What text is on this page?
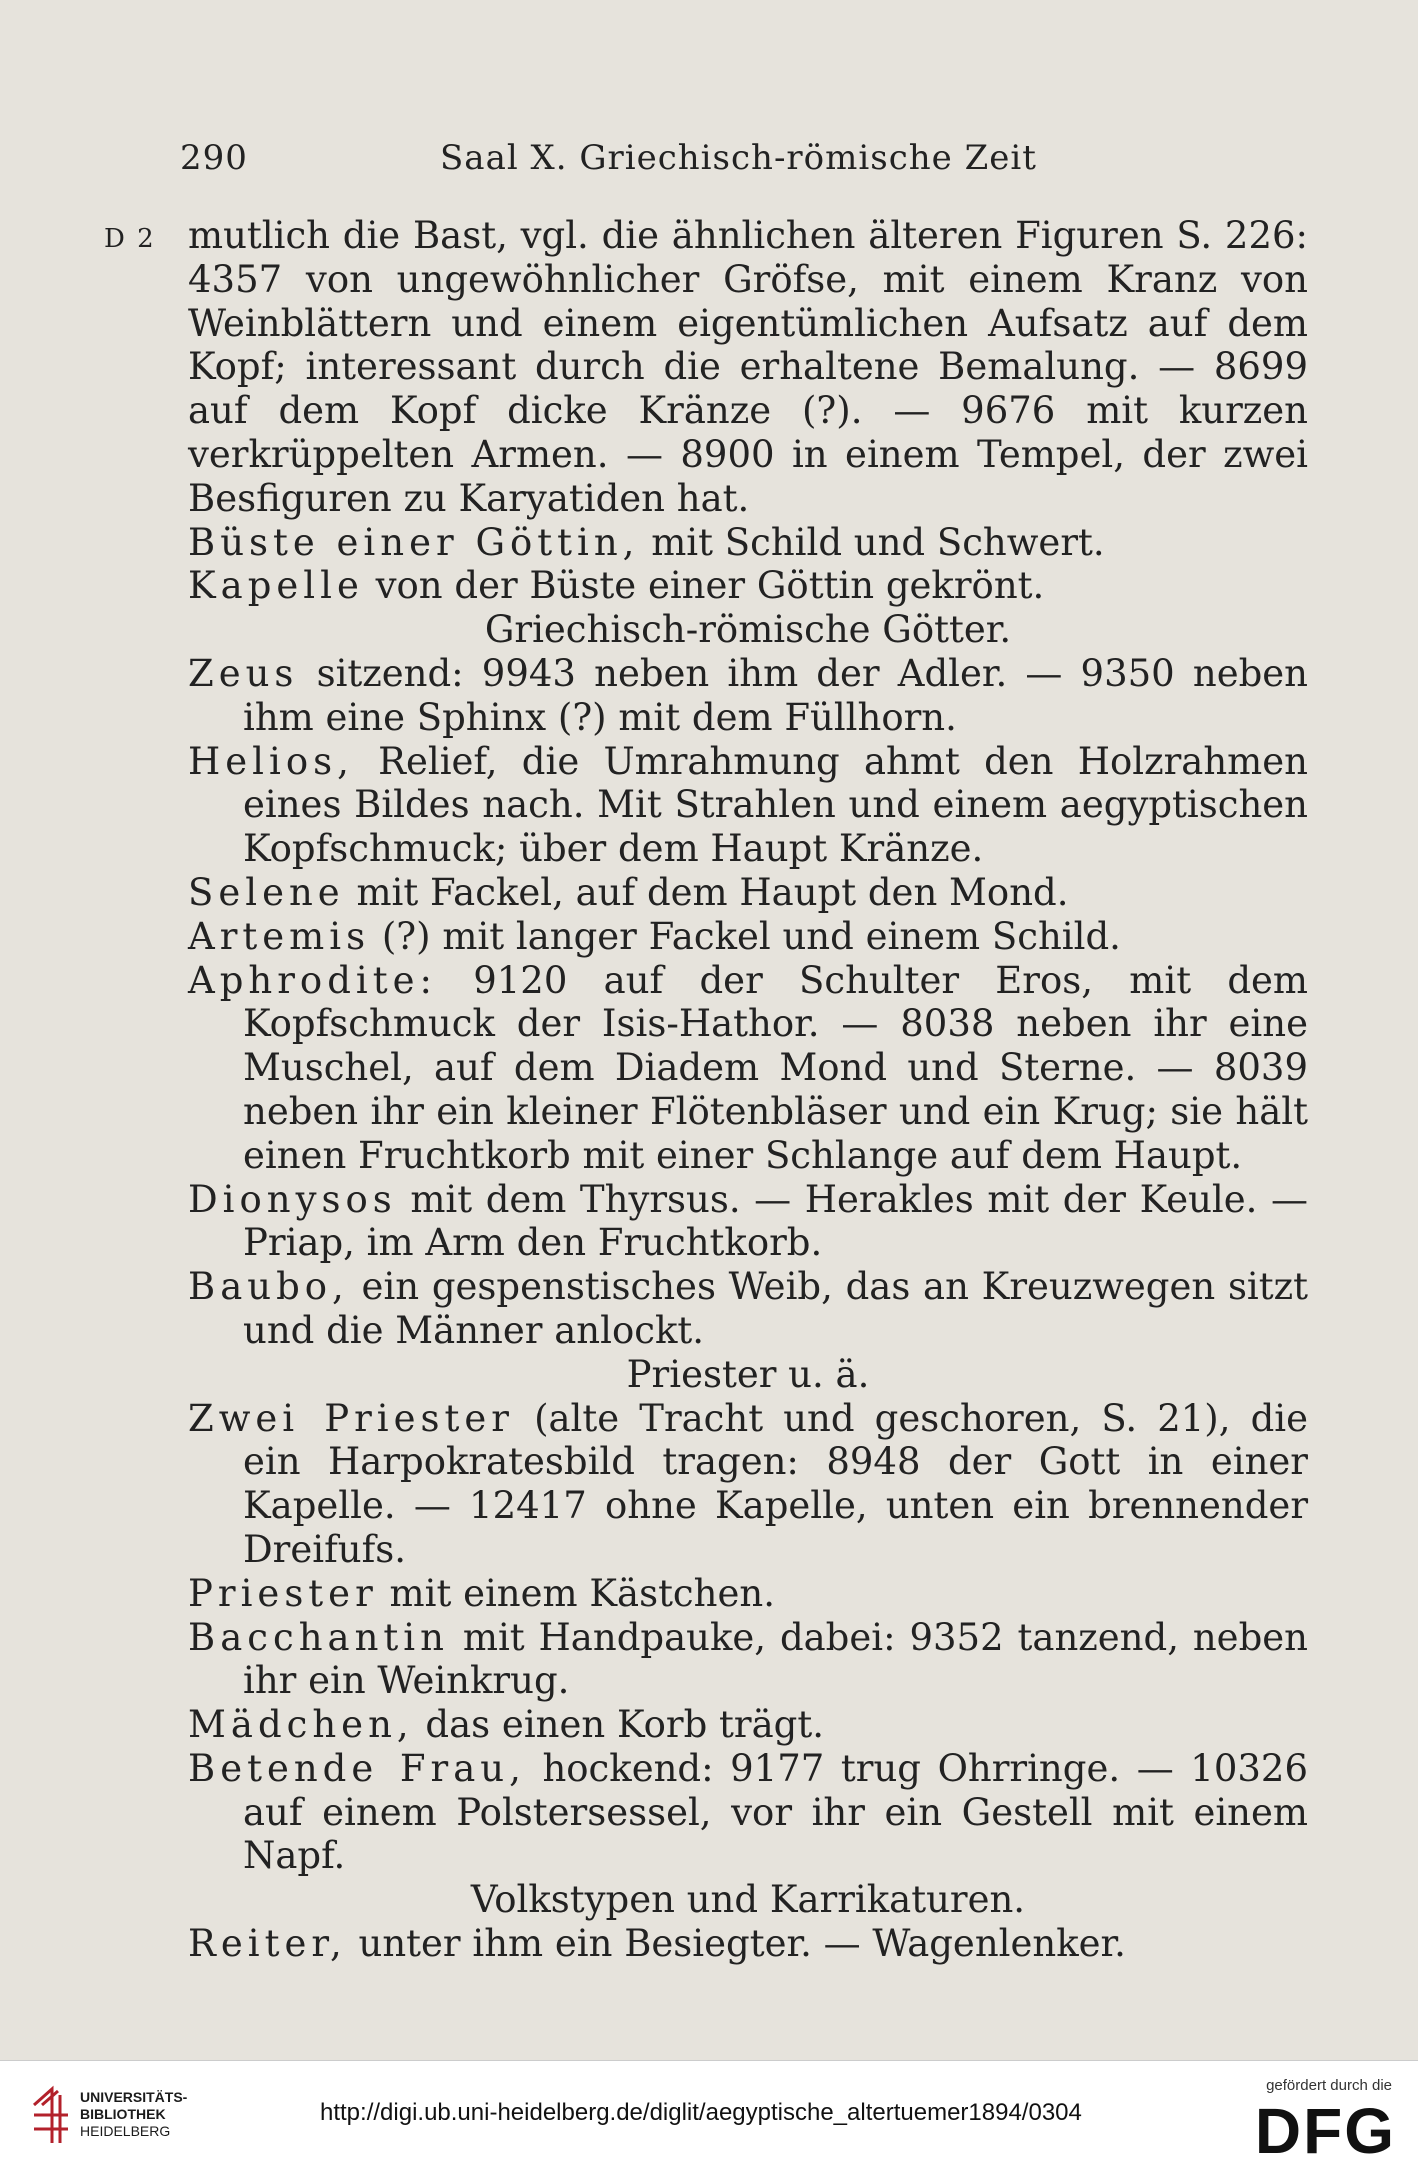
290	Saal X. Griechisch-römische Zeit
D 2 mutlich die Bast, vgl. die ähnlichen älteren Figuren S. 226: 4357 von ungewöhnlicher Gröfse, mit einem Kranz von Weinblättern und einem eigentümlichen Aufsatz auf dem Kopf; interessant durch die erhaltene Bemalung. — 8699 auf dem Kopf dicke Kränze (?). — 9676 mit kurzen verkrüppelten Armen. — 8900 in einem Tempel, der zwei Besfiguren zu Karyatiden hat.
Büste einer Göttin, mit Schild und Schwert.
Kapelle von der Büste einer Göttin gekrönt.
Griechisch-römische Götter.
Zeus sitzend: 9943 neben ihm der Adler. — 9350 neben ihm eine Sphinx (?) mit dem Füllhorn.
Helios, Relief, die Umrahmung ahmt den Holzrahmen eines Bildes nach. Mit Strahlen und einem aegyptischen Kopfschmuck; über dem Haupt Kränze.
Selene mit Fackel, auf dem Haupt den Mond.
Artemis (?) mit langer Fackel und einem Schild.
Aphrodite: 9120 auf der Schulter Eros, mit dem Kopfschmuck der Isis-Hathor. — 8038 neben ihr eine Muschel, auf dem Diadem Mond und Sterne. — 8039 neben ihr ein kleiner Flötenbläser und ein Krug; sie hält einen Fruchtkorb mit einer Schlange auf dem Haupt.
Dionysos mit dem Thyrsus. — Herakles mit der Keule. — Priap, im Arm den Fruchtkorb.
Baubo, ein gespenstisches Weib, das an Kreuzwegen sitzt und die Männer anlockt.
Priester u. ä.
Zwei Priester (alte Tracht und geschoren, S. 21), die ein Harpokratesbild tragen: 8948 der Gott in einer Kapelle. — 12417 ohne Kapelle, unten ein brennender Dreifufs.
Priester mit einem Kästchen.
Bacchantin mit Handpauke, dabei: 9352 tanzend, neben ihr ein Weinkrug.
Mädchen, das einen Korb trägt.
Betende Frau, hockend: 9177 trug Ohrringe. — 10326 auf einem Polstersessel, vor ihr ein Gestell mit einem Napf.
Volkstypen und Karrikaturen.
Reiter, unter ihm ein Besiegter. — Wagenlenker.
UNIVERSITÄTS-
BIBLIOTHEK
HEIDELBERG
http://digi.ub.uni-heidelberg.de/diglit/aegyptische_altertuemer1894/0304
gefördert durch die
DFG
